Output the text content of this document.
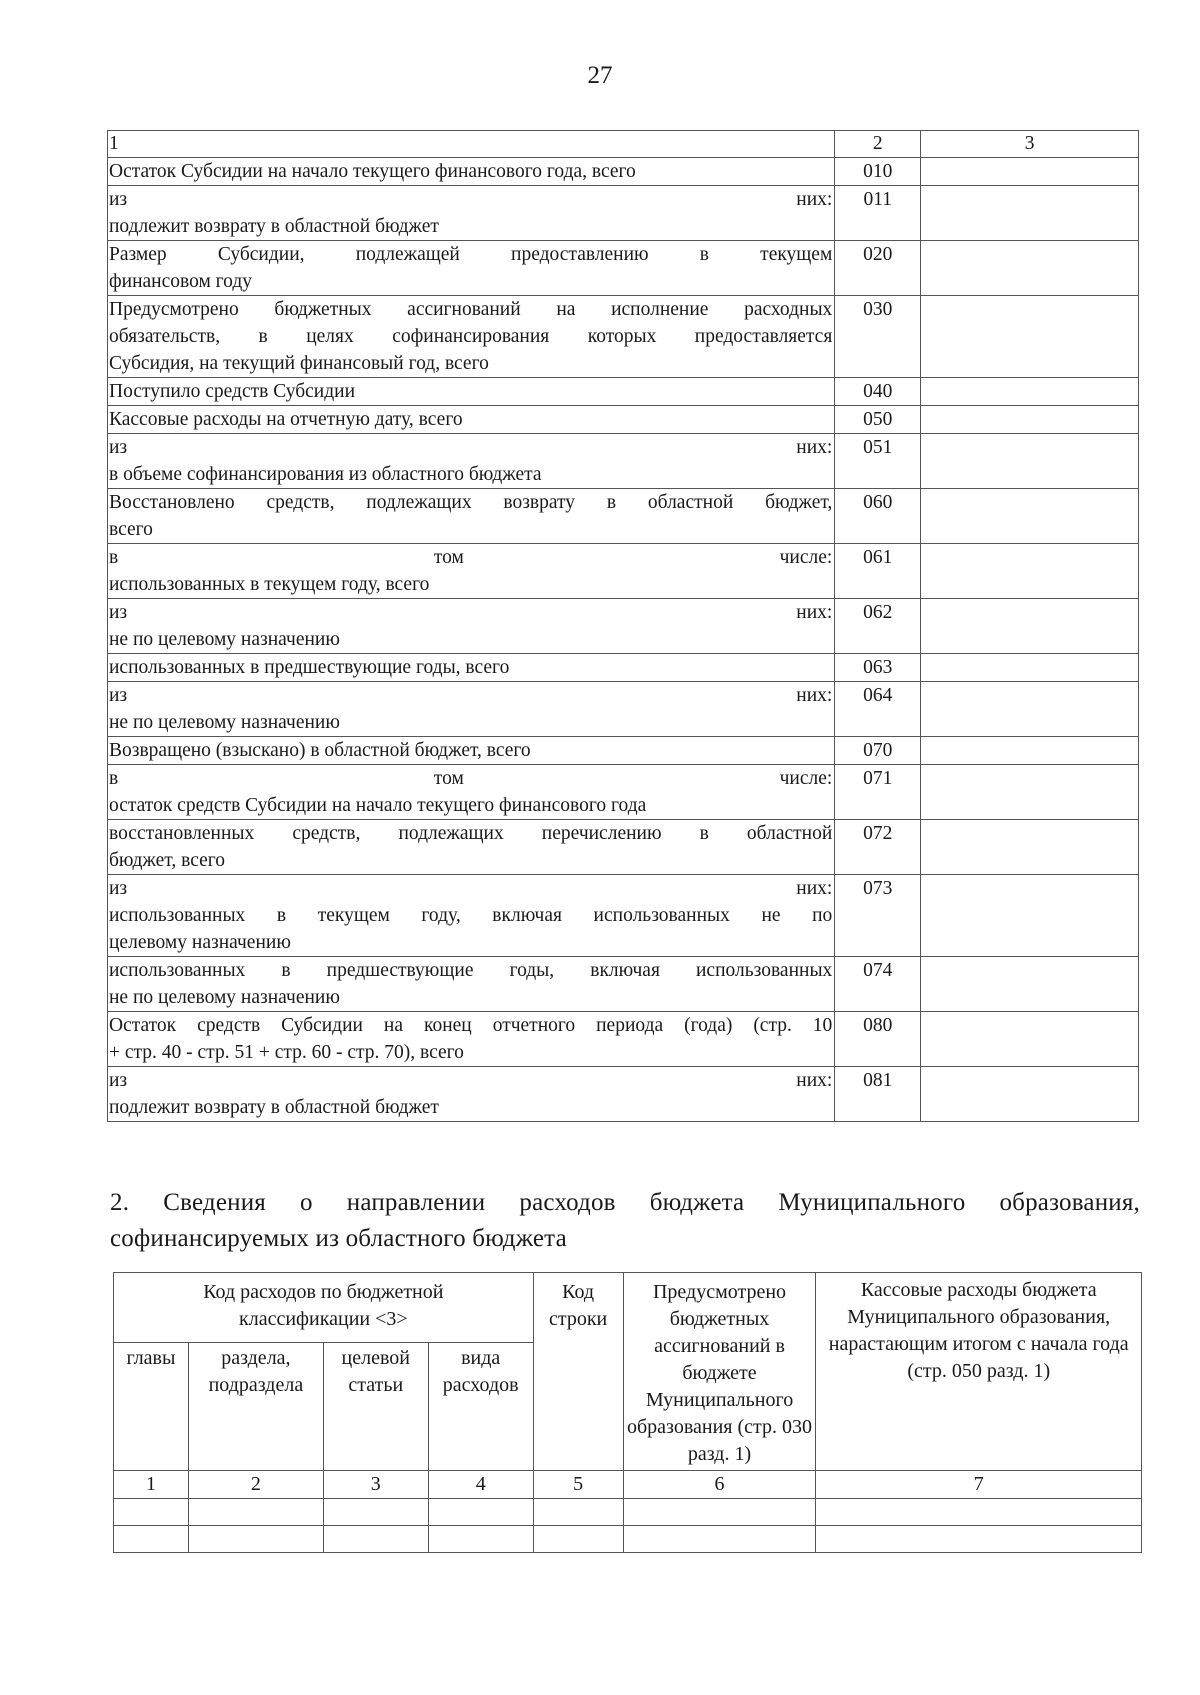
27
1	2	3

Остаток Субсидии на начало текущего финансового года, всего	010	

из них:
подлежит возврату в областной бюджет	011	

Размер Субсидии, подлежащей предоставлению в текущем
финансовом году	020	

Предусмотрено бюджетных ассигнований на исполнение расходных
обязательств, в целях софинансирования которых предоставляется
Субсидия, на текущий финансовый год, всего	030	

Поступило средств Субсидии	040	

Кассовые расходы на отчетную дату, всего	050	

из них:
в объеме софинансирования из областного бюджета	051	

Восстановлено средств, подлежащих возврату в областной бюджет,
всего	060	

в том числе:
использованных в текущем году, всего	061	

из них:
не по целевому назначению	062	

использованных в предшествующие годы, всего	063	

из них:
не по целевому назначению	064	

Возвращено (взыскано) в областной бюджет, всего	070	

в том числе:
остаток средств Субсидии на начало текущего финансового года	071	

восстановленных средств, подлежащих перечислению в областной
бюджет, всего	072	

из них:
использованных в текущем году, включая использованных не по
целевому назначению	073	

использованных в предшествующие годы, включая использованных
не по целевому назначению	074	

Остаток средств Субсидии на конец отчетного периода (года) (стр. 10
+ стр. 40 - стр. 51 + стр. 60 - стр. 70), всего	080	

из них:
подлежит возврату в областной бюджет	081	
2. Сведения о направлении расходов бюджета Муниципального образования,
софинансируемых из областного бюджета
Код расходов по бюджетной классификации <3>				Код строки	Предусмотрено бюджетных ассигнований в бюджете Муниципального образования (стр. 030 разд. 1)	Кассовые расходы бюджета Муниципального образования, нарастающим итогом с начала года (стр. 050 разд. 1)
главы	раздела, подраздела	целевой статьи	вида расходов			
1	2	3	4	5	6	7
